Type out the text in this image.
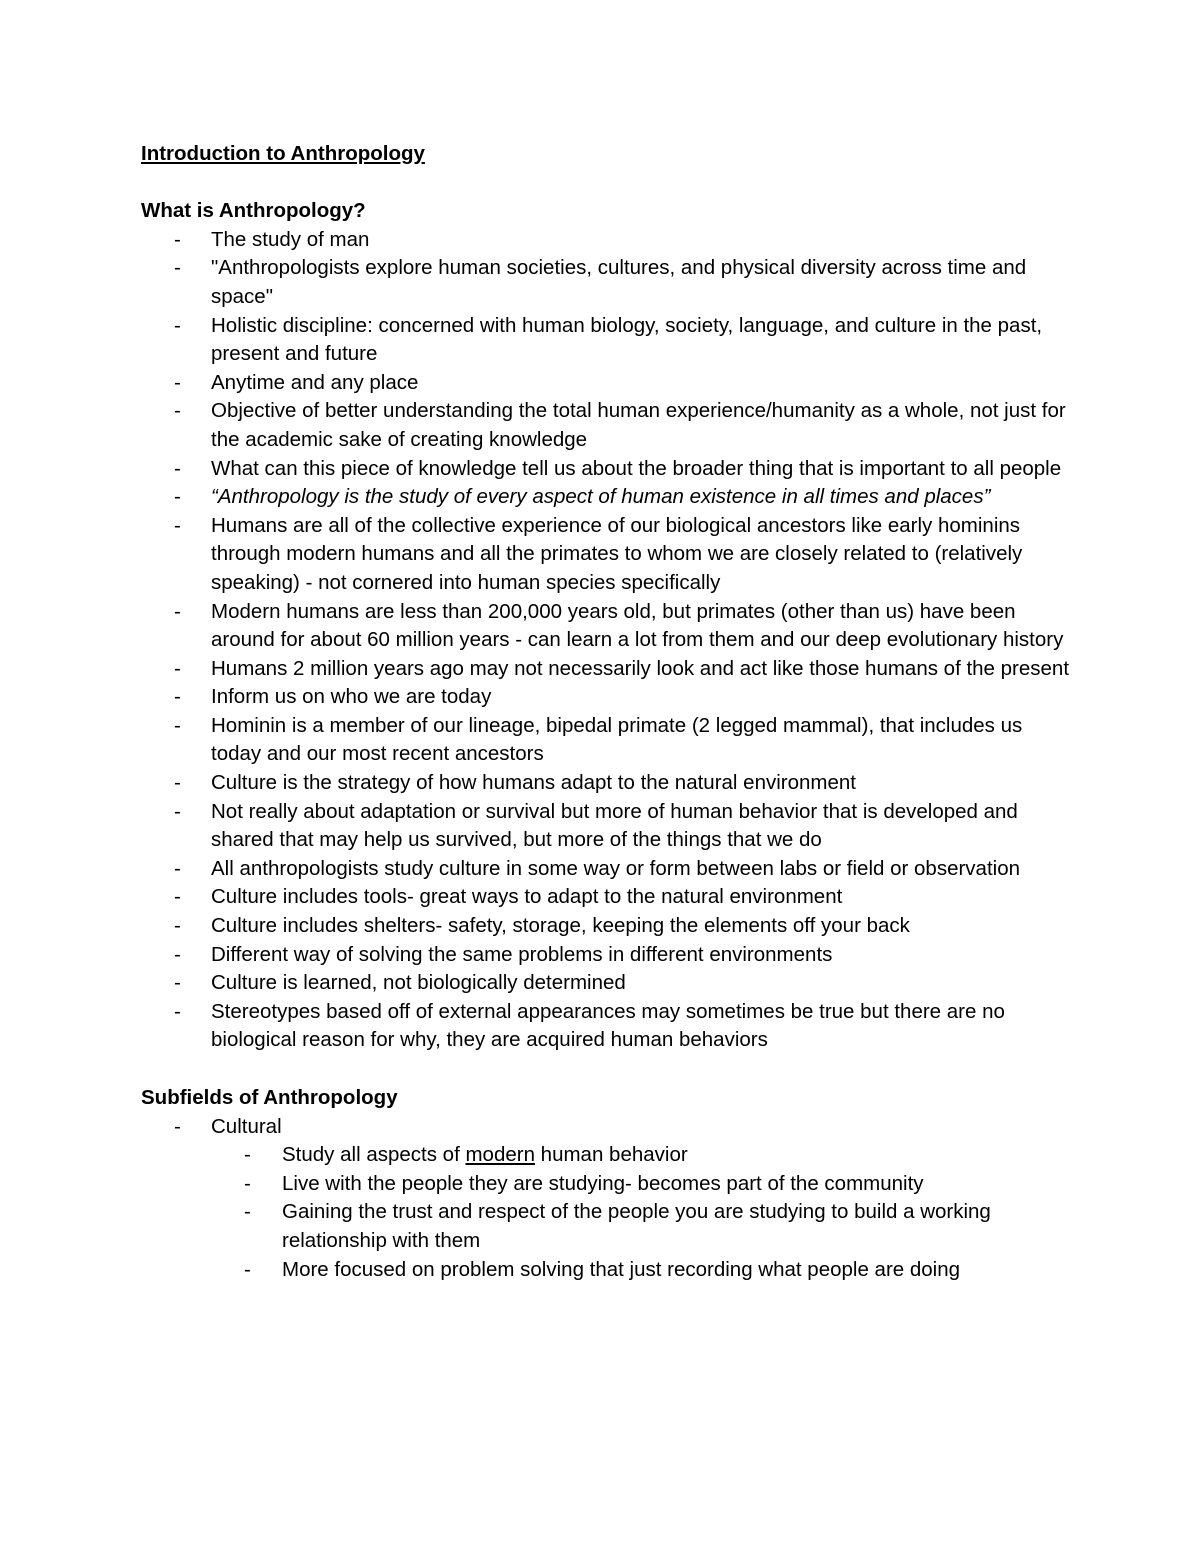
Introduction to Anthropology

What is Anthropology?

- The study of man
- "Anthropologists explore human societies, cultures, and physical diversity across time and space"
- Holistic discipline: concerned with human biology, society, language, and culture in the past, present and future
- Anytime and any place
- Objective of better understanding the total human experience/humanity as a whole, not just for the academic sake of creating knowledge
- What can this piece of knowledge tell us about the broader thing that is important to all people
- “Anthropology is the study of every aspect of human existence in all times and places”
- Humans are all of the collective experience of our biological ancestors like early hominins through modern humans and all the primates to whom we are closely related to (relatively speaking) - not cornered into human species specifically
- Modern humans are less than 200,000 years old, but primates (other than us) have been around for about 60 million years - can learn a lot from them and our deep evolutionary history
- Humans 2 million years ago may not necessarily look and act like those humans of the present
- Inform us on who we are today
- Hominin is a member of our lineage, bipedal primate (2 legged mammal), that includes us today and our most recent ancestors
- Culture is the strategy of how humans adapt to the natural environment
- Not really about adaptation or survival but more of human behavior that is developed and shared that may help us survived, but more of the things that we do
- All anthropologists study culture in some way or form between labs or field or observation
- Culture includes tools- great ways to adapt to the natural environment
- Culture includes shelters- safety, storage, keeping the elements off your back
- Different way of solving the same problems in different environments
- Culture is learned, not biologically determined
- Stereotypes based off of external appearances may sometimes be true but there are no biological reason for why, they are acquired human behaviors

Subfields of Anthropology

- Cultural
- Study all aspects of modern human behavior
- Live with the people they are studying- becomes part of the community
- Gaining the trust and respect of the people you are studying to build a working relationship with them
- More focused on problem solving that just recording what people are doing
